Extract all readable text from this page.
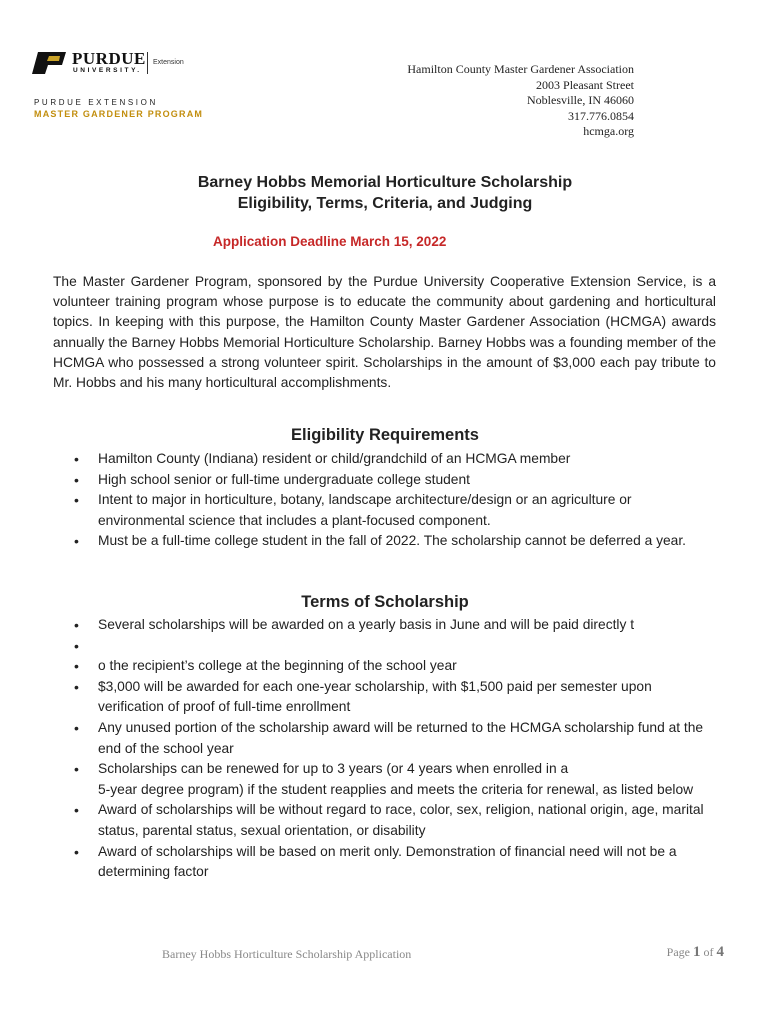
PURDUE
UNIVERSITY.
Extension
PURDUE EXTENSION
MASTER GARDENER PROGRAM
Hamilton County Master Gardener Association
2003 Pleasant Street
Noblesville, IN 46060
317.776.0854
hcmga.org
Barney Hobbs Memorial Horticulture Scholarship
Eligibility, Terms, Criteria, and Judging
Application Deadline March 15, 2022
The Master Gardener Program, sponsored by the Purdue University Cooperative Extension Service, is a volunteer training program whose purpose is to educate the community about gardening and horticultural topics. In keeping with this purpose, the Hamilton County Master Gardener Association (HCMGA) awards annually the Barney Hobbs Memorial Horticulture Scholarship. Barney Hobbs was a founding member of the HCMGA who possessed a strong volunteer spirit. Scholarships in the amount of $3,000 each pay tribute to Mr. Hobbs and his many horticultural accomplishments.
Eligibility Requirements
• Hamilton County (Indiana) resident or child/grandchild of an HCMGA member
• High school senior or full-time undergraduate college student
• Intent to major in horticulture, botany, landscape architecture/design or an agriculture or environmental science that includes a plant-focused component.
• Must be a full-time college student in the fall of 2022. The scholarship cannot be deferred a year.
Terms of Scholarship
• Several scholarships will be awarded on a yearly basis in June and will be paid directly t
•
• o the recipient’s college at the beginning of the school year
• $3,000 will be awarded for each one-year scholarship, with $1,500 paid per semester upon verification of proof of full-time enrollment
• Any unused portion of the scholarship award will be returned to the HCMGA scholarship fund at the end of the school year
• Scholarships can be renewed for up to 3 years (or 4 years when enrolled in a
5-year degree program) if the student reapplies and meets the criteria for renewal, as listed below
• Award of scholarships will be without regard to race, color, sex, religion, national origin, age, marital status, parental status, sexual orientation, or disability
• Award of scholarships will be based on merit only. Demonstration of financial need will not be a determining factor
Barney Hobbs Horticulture Scholarship Application	Page 1 of 4
